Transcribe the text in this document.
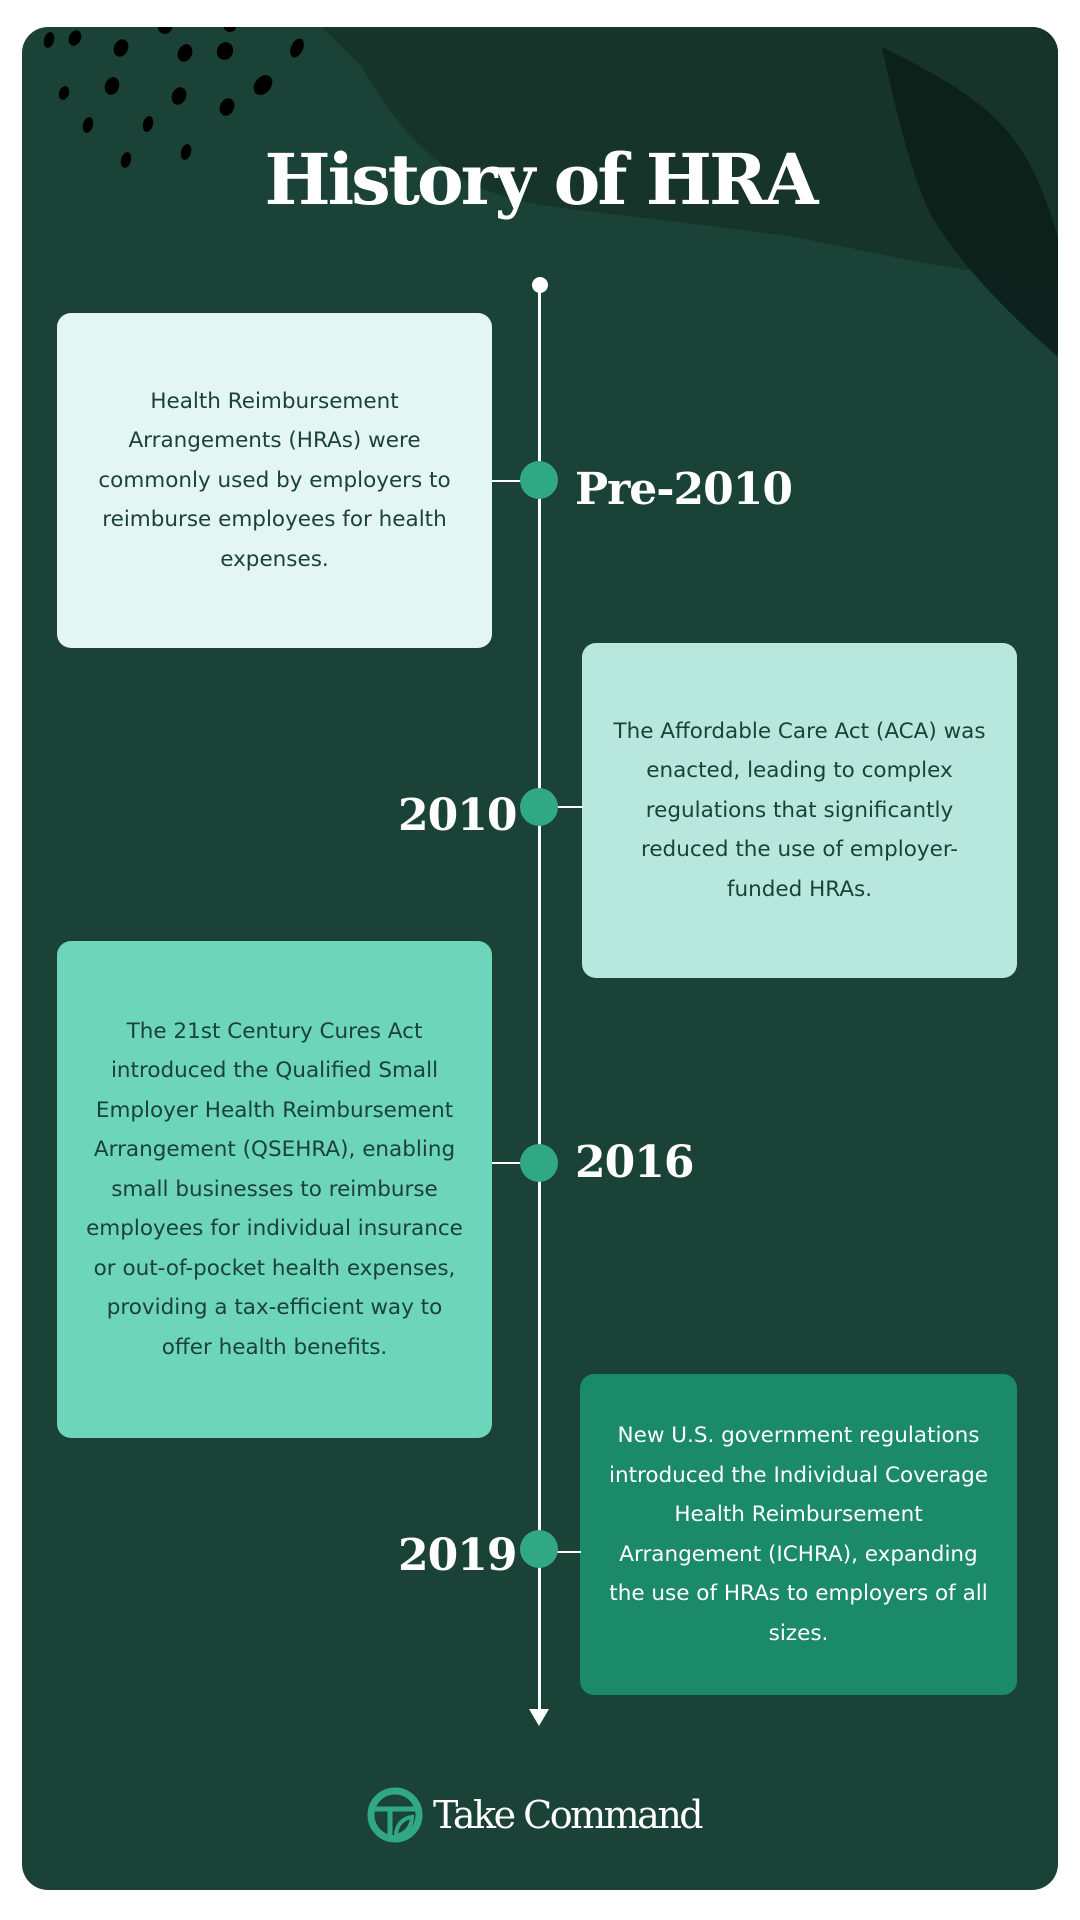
History of HRA

Health Reimbursement Arrangements (HRAs) were commonly used by employers to reimburse employees for health expenses.

Pre-2010

The Affordable Care Act (ACA) was enacted, leading to complex regulations that significantly reduced the use of employer-funded HRAs.

2010

The 21st Century Cures Act introduced the Qualified Small Employer Health Reimbursement Arrangement (QSEHRA), enabling small businesses to reimburse employees for individual insurance or out-of-pocket health expenses, providing a tax-efficient way to offer health benefits.

2016

New U.S. government regulations introduced the Individual Coverage Health Reimbursement Arrangement (ICHRA), expanding the use of HRAs to employers of all sizes.

2019
Take Command
